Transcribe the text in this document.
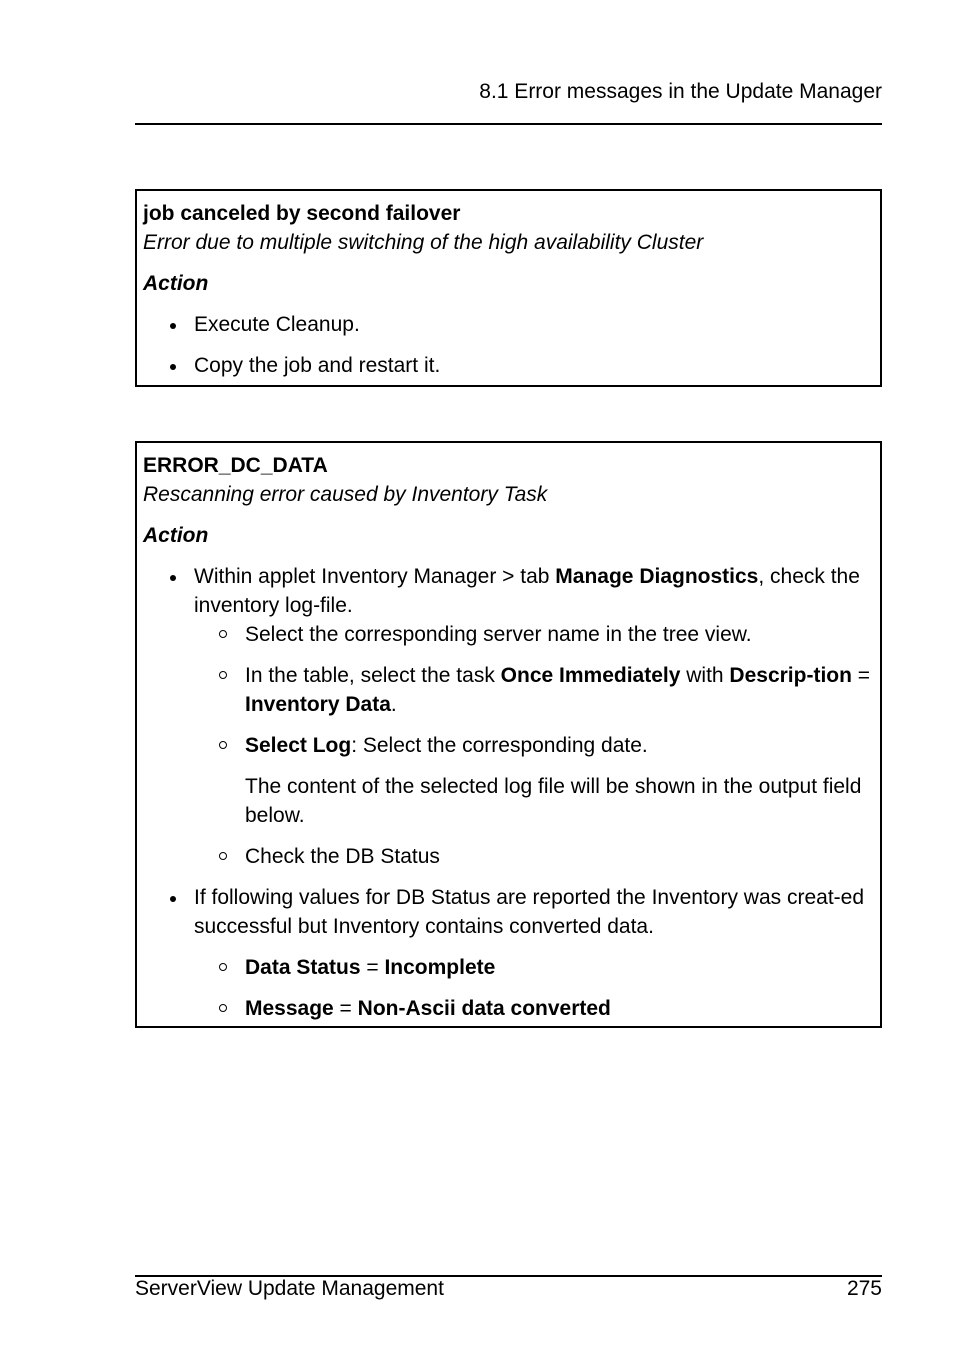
8.1 Error messages in the Update Manager
job canceled by second failover
Error due to multiple switching of the high availability Cluster
Action
Execute Cleanup.
Copy the job and restart it.
ERROR_DC_DATA
Rescanning error caused by Inventory Task
Action
Within applet Inventory Manager > tab Manage Diagnostics, check the inventory log-file.
Select the corresponding server name in the tree view.
In the table, select the task Once Immediately with Descrip-tion = Inventory Data.
Select Log: Select the corresponding date.
The content of the selected log file will be shown in the output field below.
Check the DB Status
If following values for DB Status are reported the Inventory was creat-ed successful but Inventory contains converted data.
Data Status = Incomplete
Message = Non-Ascii data converted
ServerView Update Management	275
